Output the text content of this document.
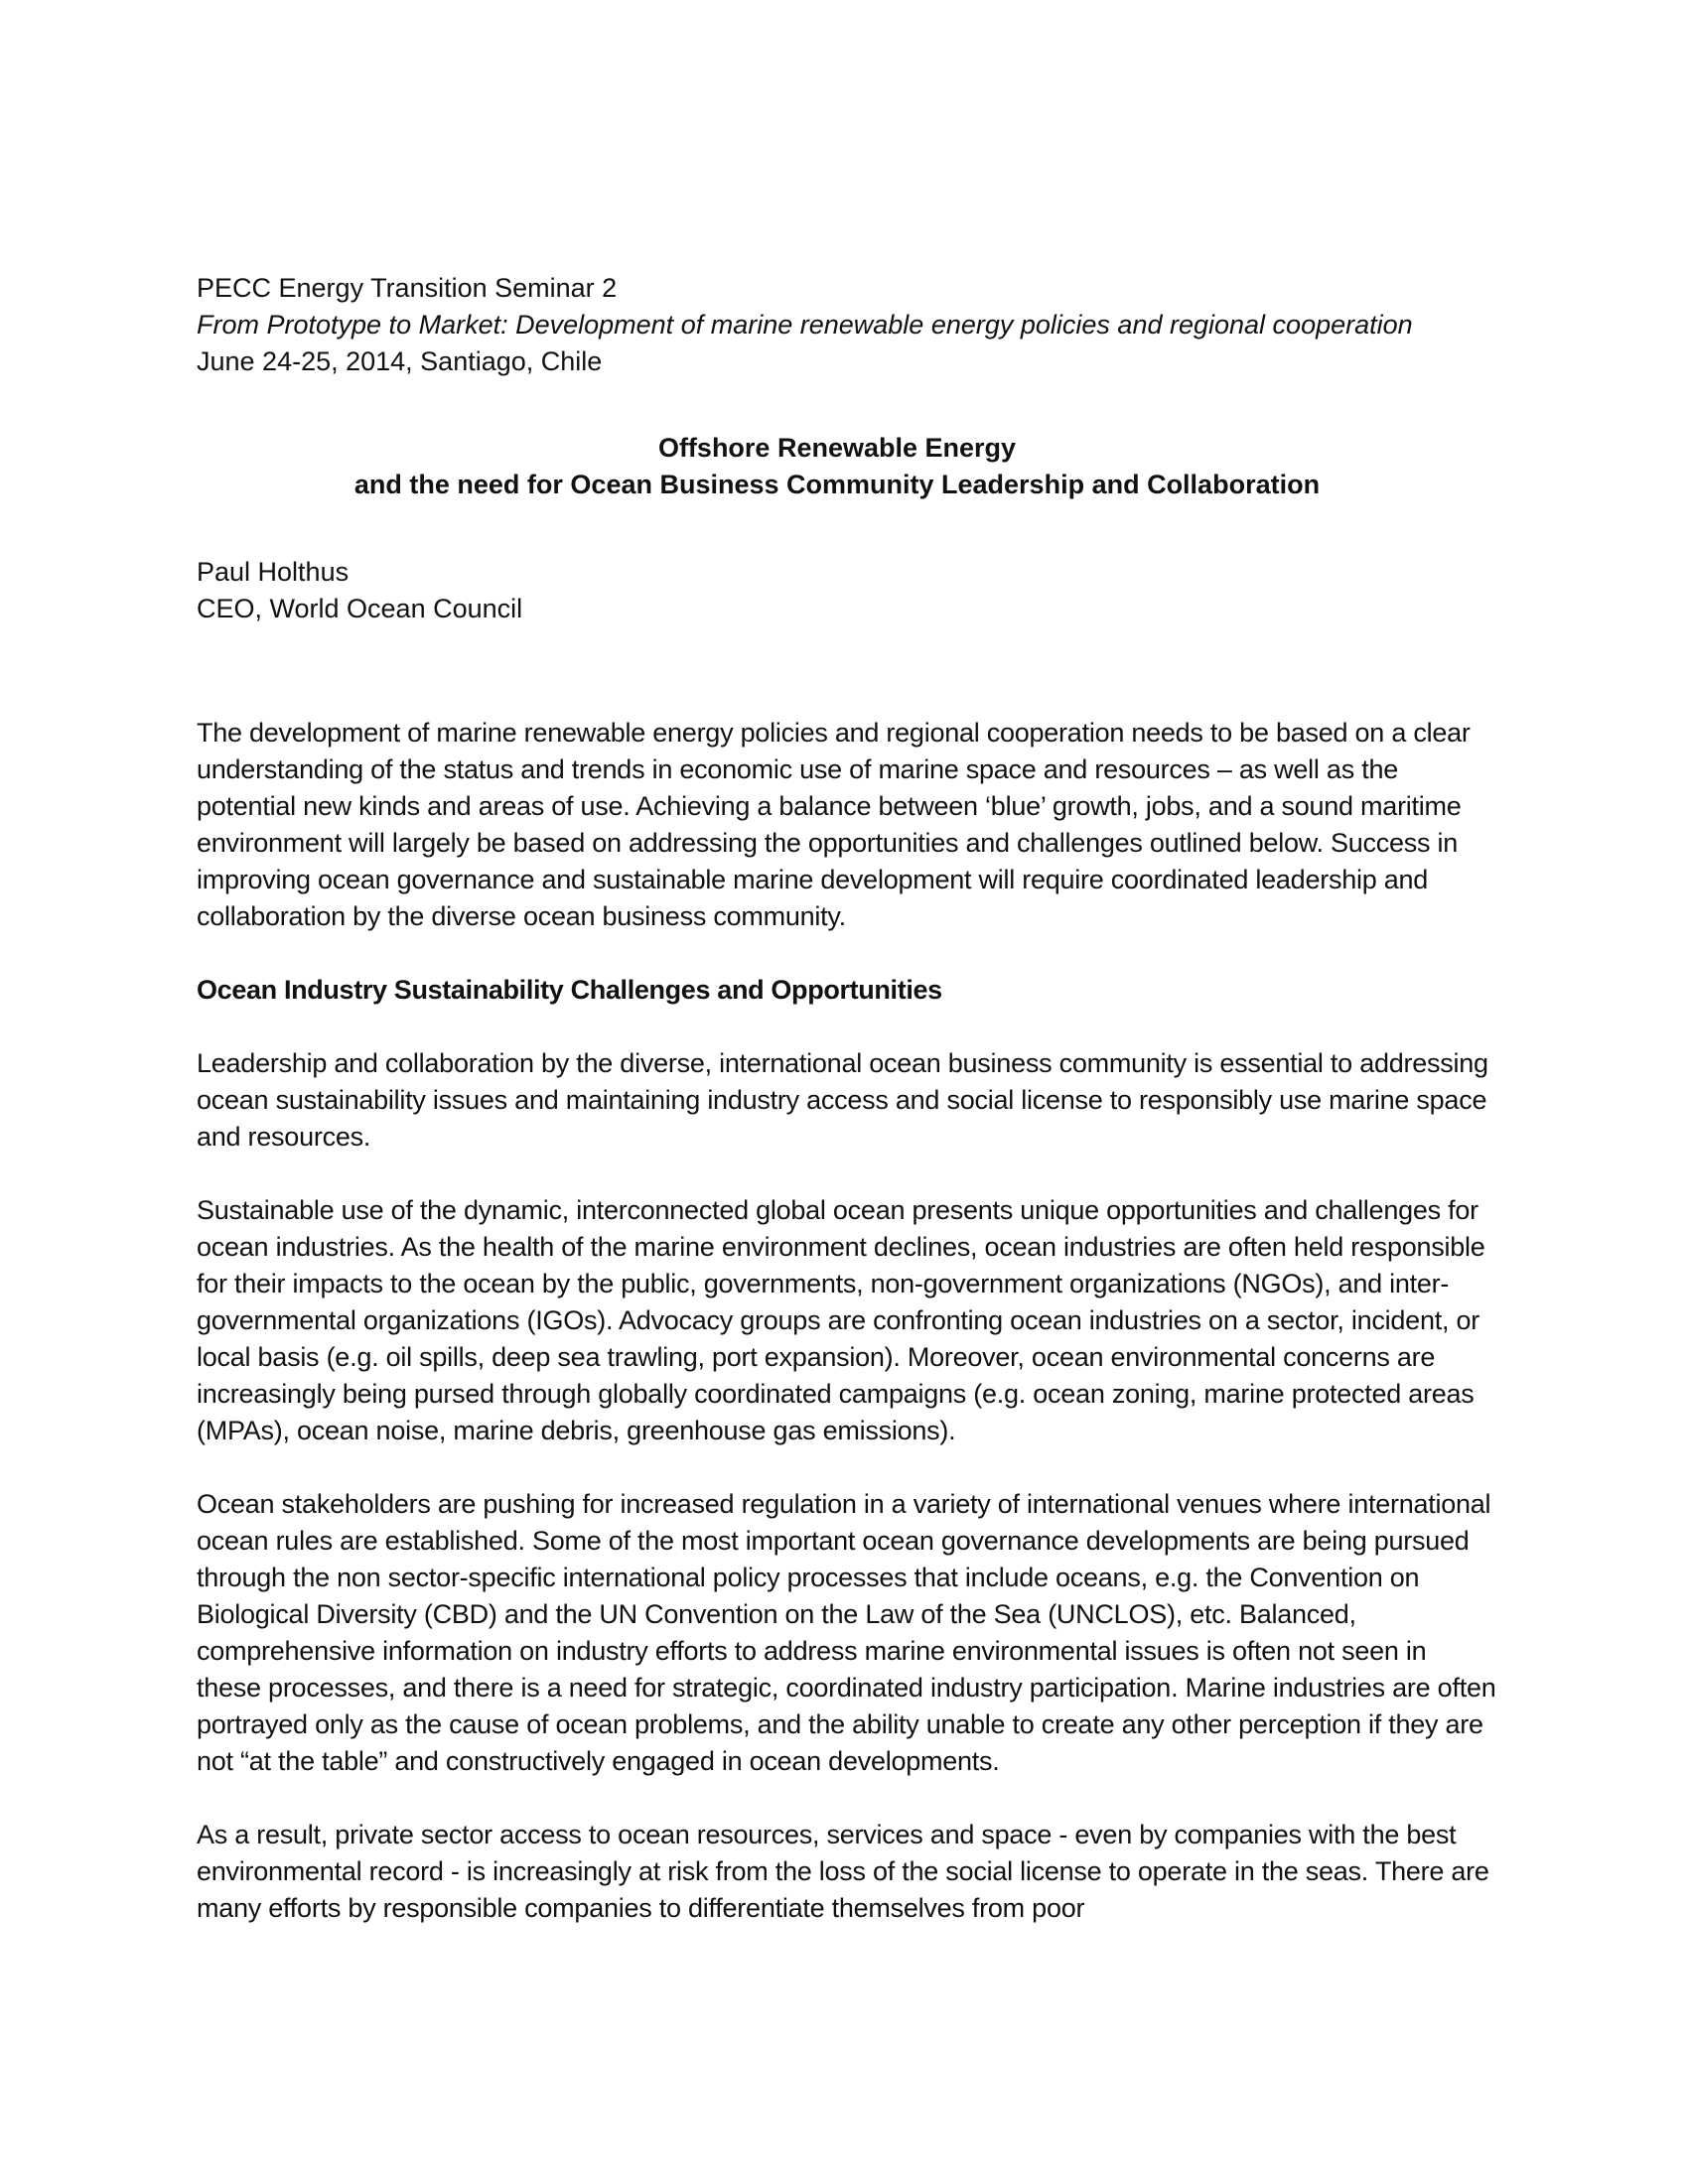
PECC Energy Transition Seminar 2

From Prototype to Market: Development of marine renewable energy policies and regional cooperation

June 24-25, 2014, Santiago, Chile

Offshore Renewable Energy

and the need for Ocean Business Community Leadership and Collaboration

Paul Holthus

CEO, World Ocean Council

The development of marine renewable energy policies and regional cooperation needs to be based on a clear understanding of the status and trends in economic use of marine space and resources – as well as the potential new kinds and areas of use. Achieving a balance between ‘blue’ growth, jobs, and a sound maritime environment will largely be based on addressing the opportunities and challenges outlined below. Success in improving ocean governance and sustainable marine development will require coordinated leadership and collaboration by the diverse ocean business community.

Ocean Industry Sustainability Challenges and Opportunities

Leadership and collaboration by the diverse, international ocean business community is essential to addressing ocean sustainability issues and maintaining industry access and social license to responsibly use marine space and resources.

Sustainable use of the dynamic, interconnected global ocean presents unique opportunities and challenges for ocean industries. As the health of the marine environment declines, ocean industries are often held responsible for their impacts to the ocean by the public, governments, non-government organizations (NGOs), and inter-governmental organizations (IGOs). Advocacy groups are confronting ocean industries on a sector, incident, or local basis (e.g. oil spills, deep sea trawling, port expansion). Moreover, ocean environmental concerns are increasingly being pursed through globally coordinated campaigns (e.g. ocean zoning, marine protected areas (MPAs), ocean noise, marine debris, greenhouse gas emissions).

Ocean stakeholders are pushing for increased regulation in a variety of international venues where international ocean rules are established. Some of the most important ocean governance developments are being pursued through the non sector-specific international policy processes that include oceans, e.g. the Convention on Biological Diversity (CBD) and the UN Convention on the Law of the Sea (UNCLOS), etc. Balanced, comprehensive information on industry efforts to address marine environmental issues is often not seen in these processes, and there is a need for strategic, coordinated industry participation. Marine industries are often portrayed only as the cause of ocean problems, and the ability unable to create any other perception if they are not “at the table” and constructively engaged in ocean developments.

As a result, private sector access to ocean resources, services and space - even by companies with the best environmental record - is increasingly at risk from the loss of the social license to operate in the seas. There are many efforts by responsible companies to differentiate themselves from poor
